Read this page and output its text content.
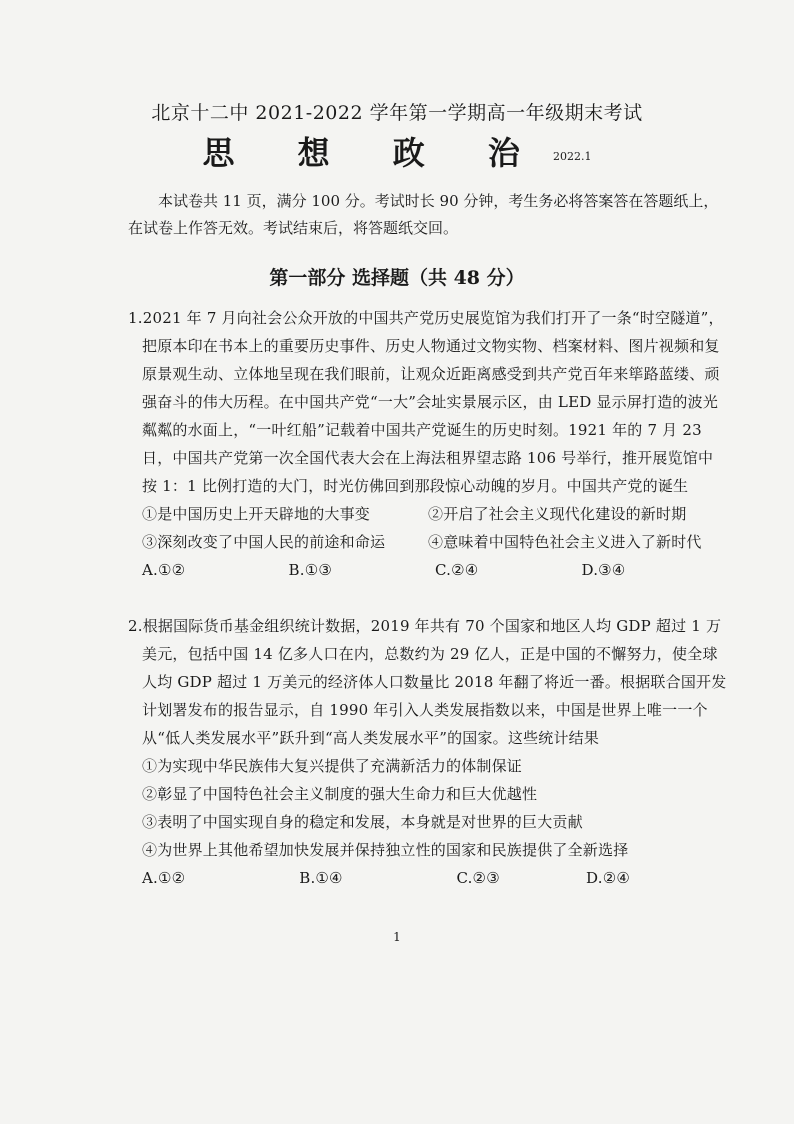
北京十二中 2021-2022 学年第一学期高一年级期末考试
思 想 政 治 $^{2022.1}$
本试卷共 11 页，满分 100 分。考试时长 90 分钟，考生务必将答案答在答题纸上，在试卷上作答无效。考试结束后，将答题纸交回。
第一部分 选择题（共 48 分）
1.2021 年 7 月向社会公众开放的中国共产党历史展览馆为我们打开了一条“时空隧道”，把原本印在书本上的重要历史事件、历史人物通过文物实物、档案材料、图片视频和复原景观生动、立体地呈现在我们眼前，让观众近距离感受到共产党百年来筚路蓝缕、顽强奋斗的伟大历程。在中国共产党“一大”会址实景展示区，由 LED 显示屏打造的波光粼粼的水面上，“一叶红船”记载着中国共产党诞生的历史时刻。1921 年的 7 月 23 日，中国共产党第一次全国代表大会在上海法租界望志路 106 号举行，推开展览馆中按 1：1 比例打造的大门，时光仿佛回到那段惊心动魄的岁月。中国共产党的诞生
①是中国历史上开天辟地的大事变	②开启了社会主义现代化建设的新时期
③深刻改变了中国人民的前途和命运	④意味着中国特色社会主义进入了新时代
A.①②	B.①③	C.②④	D.③④
2.根据国际货币基金组织统计数据，2019 年共有 70 个国家和地区人均 GDP 超过 1 万美元，包括中国 14 亿多人口在内，总数约为 29 亿人，正是中国的不懈努力，使全球人均 GDP 超过 1 万美元的经济体人口数量比 2018 年翻了将近一番。根据联合国开发计划署发布的报告显示，自 1990 年引入人类发展指数以来，中国是世界上唯一一个从“低人类发展水平”跃升到“高人类发展水平”的国家。这些统计结果
①为实现中华民族伟大复兴提供了充满新活力的体制保证
②彰显了中国特色社会主义制度的强大生命力和巨大优越性
③表明了中国实现自身的稳定和发展，本身就是对世界的巨大贡献
④为世界上其他希望加快发展并保持独立性的国家和民族提供了全新选择
A.①②	B.①④	C.②③	D.②④
1
